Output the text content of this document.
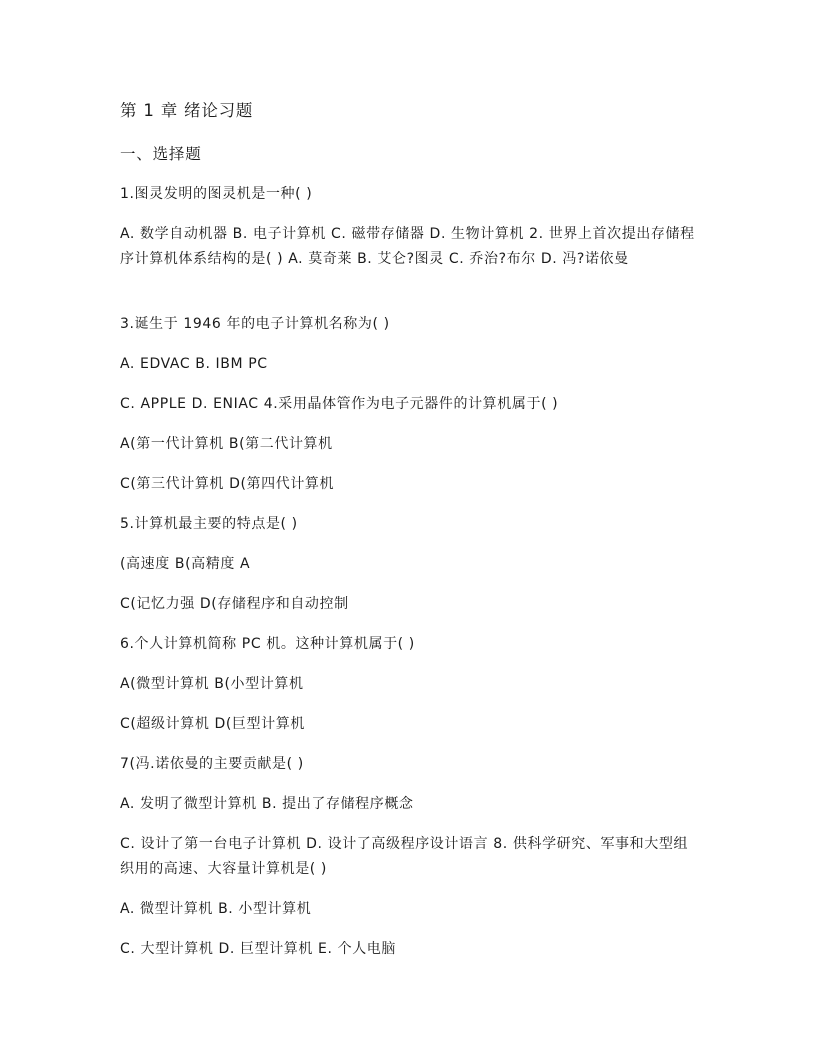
第 1 章 绪论习题
一、选择题
1.图灵发明的图灵机是一种( )
A. 数学自动机器 B. 电子计算机 C. 磁带存储器 D. 生物计算机 2. 世界上首次提出存储程序计算机体系结构的是( ) A. 莫奇莱 B. 艾仑?图灵 C. 乔治?布尔 D. 冯?诺依曼
3.诞生于 1946 年的电子计算机名称为( )
A. EDVAC B. IBM PC
C. APPLE D. ENIAC 4.采用晶体管作为电子元器件的计算机属于( )
A(第一代计算机 B(第二代计算机
C(第三代计算机 D(第四代计算机
5.计算机最主要的特点是( )
(高速度 B(高精度 A
C(记忆力强 D(存储程序和自动控制
6.个人计算机简称 PC 机。这种计算机属于( )
A(微型计算机 B(小型计算机
C(超级计算机 D(巨型计算机
7(冯.诺依曼的主要贡献是( )
A. 发明了微型计算机 B. 提出了存储程序概念
C. 设计了第一台电子计算机 D. 设计了高级程序设计语言 8. 供科学研究、军事和大型组织用的高速、大容量计算机是( )
A. 微型计算机 B. 小型计算机
C. 大型计算机 D. 巨型计算机 E. 个人电脑
